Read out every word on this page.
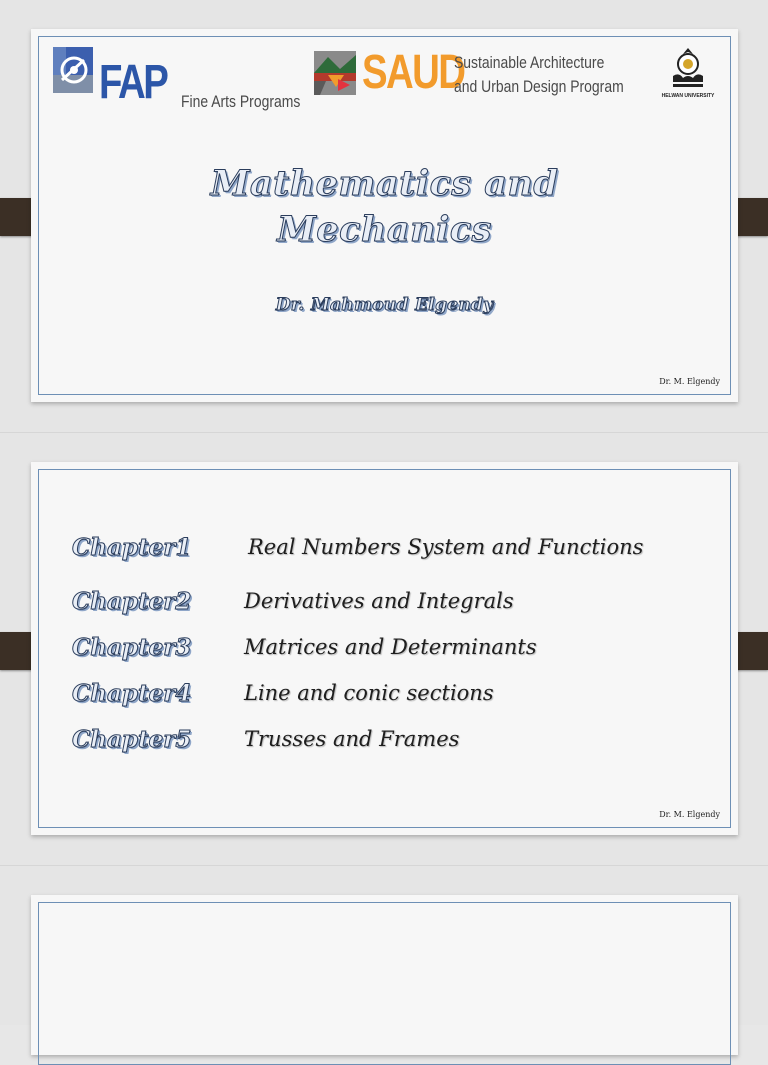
FAP Fine Arts Programs
SAUD
Sustainable Architecture
and Urban Design Program	HELWAN UNIVERSITY
Mathematics and
Mechanics
Dr. Mahmoud Elgendy
Dr. M. Elgendy
Chapter1	Real Numbers System and Functions
Chapter2	Derivatives and Integrals
Chapter3	Matrices and Determinants
Chapter4	Line and conic sections
Chapter5	Trusses and Frames
Dr. M. Elgendy
